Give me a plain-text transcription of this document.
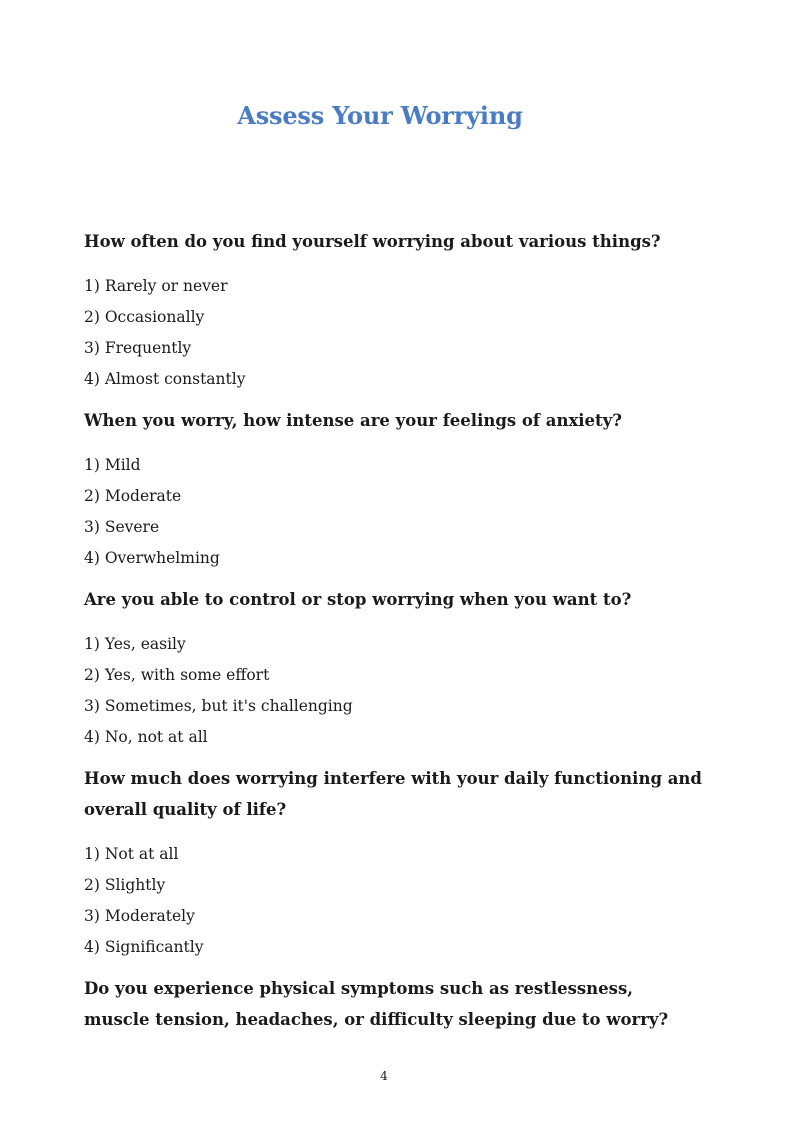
Assess Your Worrying

How often do you find yourself worrying about various things?

1) Rarely or never
2) Occasionally
3) Frequently
4) Almost constantly

When you worry, how intense are your feelings of anxiety?

1) Mild
2) Moderate
3) Severe
4) Overwhelming

Are you able to control or stop worrying when you want to?

1) Yes, easily
2) Yes, with some effort
3) Sometimes, but it's challenging
4) No, not at all

How much does worrying interfere with your daily functioning and overall quality of life?

1) Not at all
2) Slightly
3) Moderately
4) Significantly

Do you experience physical symptoms such as restlessness, muscle tension, headaches, or difficulty sleeping due to worry?

4
